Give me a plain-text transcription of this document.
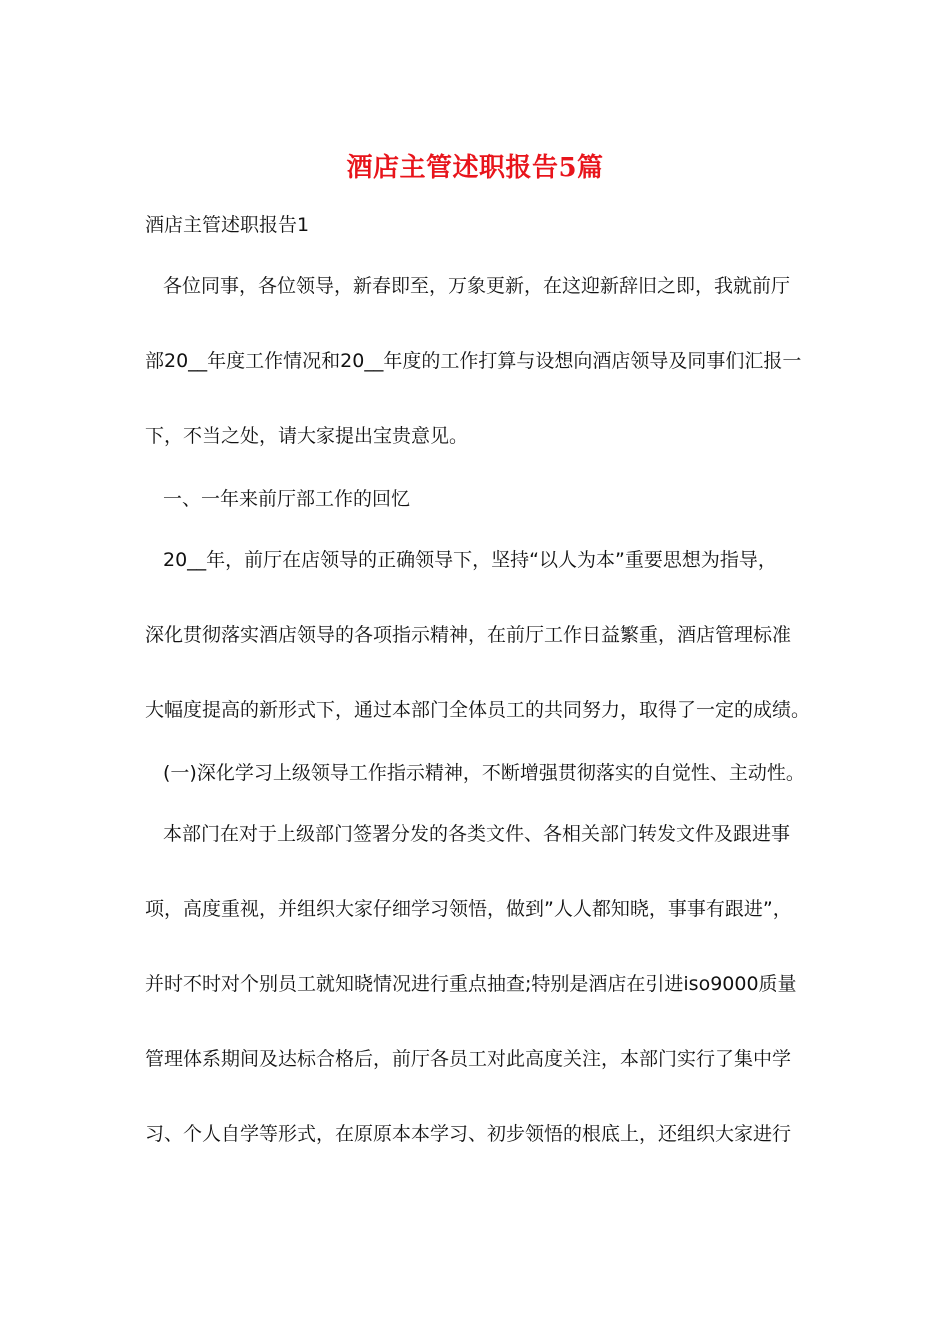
酒店主管述职报告5篇
酒店主管述职报告1
各位同事，各位领导，新春即至，万象更新，在这迎新辞旧之即，我就前厅
部20__年度工作情况和20__年度的工作打算与设想向酒店领导及同事们汇报一
下，不当之处，请大家提出宝贵意见。
一、一年来前厅部工作的回忆
20__年，前厅在店领导的正确领导下，坚持“以人为本”重要思想为指导，
深化贯彻落实酒店领导的各项指示精神，在前厅工作日益繁重，酒店管理标准
大幅度提高的新形式下，通过本部门全体员工的共同努力，取得了一定的成绩。
(一)深化学习上级领导工作指示精神，不断增强贯彻落实的自觉性、主动性。
本部门在对于上级部门签署分发的各类文件、各相关部门转发文件及跟进事
项，高度重视，并组织大家仔细学习领悟，做到”人人都知晓，事事有跟进”，
并时不时对个别员工就知晓情况进行重点抽查;特别是酒店在引进iso9000质量
管理体系期间及达标合格后，前厅各员工对此高度关注，本部门实行了集中学
习、个人自学等形式，在原原本本学习、初步领悟的根底上，还组织大家进行
